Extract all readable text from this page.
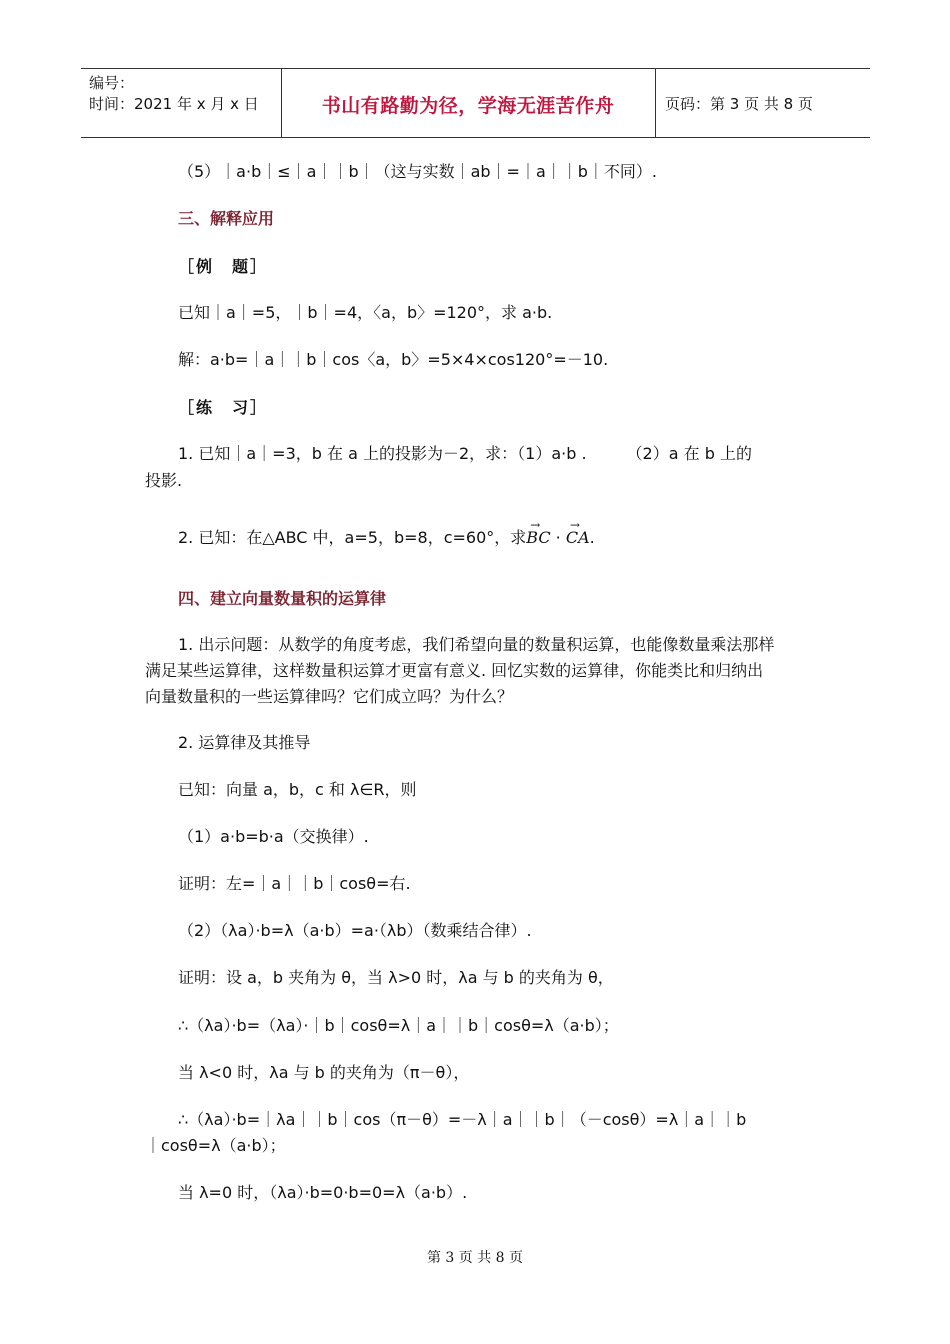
编号：
时间：2021 年 x 月 x 日	书山有路勤为径，学海无涯苦作舟	页码：第 3 页 共 8 页
（5）｜a·b｜≤｜a｜｜b｜（这与实数｜ab｜=｜a｜｜b｜不同）.
三、解释应用
［例　题］
已知｜a｜=5，｜b｜=4，〈a，b〉=120°，求 a·b.
解：a·b=｜a｜｜b｜cos〈a，b〉=5×4×cos120°=－10.
［练　习］
1. 已知｜a｜=3，b 在 a 上的投影为－2，求：（1）a·b .　　　（2）a 在 b 上的
投影.
2. 已知：在△ABC 中，a=5，b=8，c=60°，求→ BC · → CA.
四、建立向量数量积的运算律
1. 出示问题：从数学的角度考虑，我们希望向量的数量积运算，也能像数量乘法那样
满足某些运算律，这样数量积运算才更富有意义. 回忆实数的运算律，你能类比和归纳出
向量数量积的一些运算律吗？它们成立吗？为什么？
2. 运算律及其推导
已知：向量 a，b，c 和 λ∈R，则
（1）a·b=b·a（交换律）.
证明：左=｜a｜｜b｜cosθ=右.
（2）（λa）·b=λ（a·b）=a·（λb）（数乘结合律）.
证明：设 a，b 夹角为 θ，当 λ>0 时，λa 与 b 的夹角为 θ，
∴（λa）·b=（λa）·｜b｜cosθ=λ｜a｜｜b｜cosθ=λ（a·b）；
当 λ<0 时，λa 与 b 的夹角为（π－θ），
∴（λa）·b=｜λa｜｜b｜cos（π－θ）=－λ｜a｜｜b｜（－cosθ）=λ｜a｜｜b
｜cosθ=λ（a·b）；
当 λ=0 时，（λa）·b=0·b=0=λ（a·b）.
第 3 页 共 8 页
